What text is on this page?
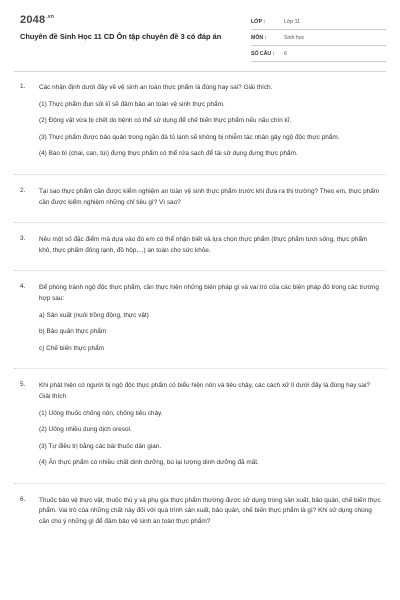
$2048^{.vn}$
Chuyên đề Sinh Học 11 CD Ôn tập chuyên đề 3 có đáp án
LỚP :	Lớp 11
MÔN :	Sinh học
SỐ CÂU :	6
1. Các nhận định dưới đây về vệ sinh an toàn thực phẩm là đúng hay sai? Giải thích.

(1) Thực phẩm đun sôi kĩ sẽ đảm bảo an toàn vệ sinh thực phẩm.

(2) Động vật vừa bị chết do bệnh có thể sử dụng để chế biến thực phẩm nếu nấu chín kĩ.

(3) Thực phẩm được bảo quản trong ngăn đá tủ lạnh sẽ không bị nhiễm tác nhân gây ngộ độc thực phẩm.

(4) Bao bì (chai, can, túi) đựng thực phẩm có thể rửa sạch để tái sử dụng đựng thực phẩm.

2. Tại sao thực phẩm cần được kiểm nghiệm an toàn vệ sinh thực phẩm trước khi đưa ra thị trường? Theo em, thực phẩm cần được kiểm nghiệm những chỉ tiêu gì? Vì sao?

3. Nêu một số đặc điểm mà dựa vào đó em có thể nhận biết và lựa chọn thực phẩm (thực phẩm tươi sống, thực phẩm khô, thực phẩm đông lạnh, đồ hộp,...) an toàn cho sức khỏe.

4. Để phòng tránh ngộ độc thực phẩm, cần thực hiện những biện pháp gì và vai trò của các biện pháp đó trong các trường hợp sau:

a) Sản xuất (nuôi trồng động, thực vật)

b) Bảo quản thực phẩm

c) Chế biến thực phẩm

5. Khi phát hiện có người bị ngộ độc thực phẩm có biểu hiện nôn và tiêu chảy, các cách xử lí dưới đây là đúng hay sai? Giải thích

(1) Uống thuốc chống nôn, chống tiêu chảy.

(2) Uống nhiều dung dịch oresol.

(3) Tự điều trị bằng các bài thuốc dân gian.

(4) Ăn thực phẩm có nhiều chất dinh dưỡng, bù lại lượng dinh dưỡng đã mất.

6. Thuốc bảo vệ thực vật, thuốc thú y và phụ gia thực phẩm thường được sử dụng trong sản xuất, bảo quản, chế biến thực phẩm. Vai trò của những chất này đối với quá trình sản xuất, bảo quản, chế biến thực phẩm là gì? Khi sử dụng chúng cần chú ý những gì để đảm bảo vệ sinh an toàn thực phẩm?
